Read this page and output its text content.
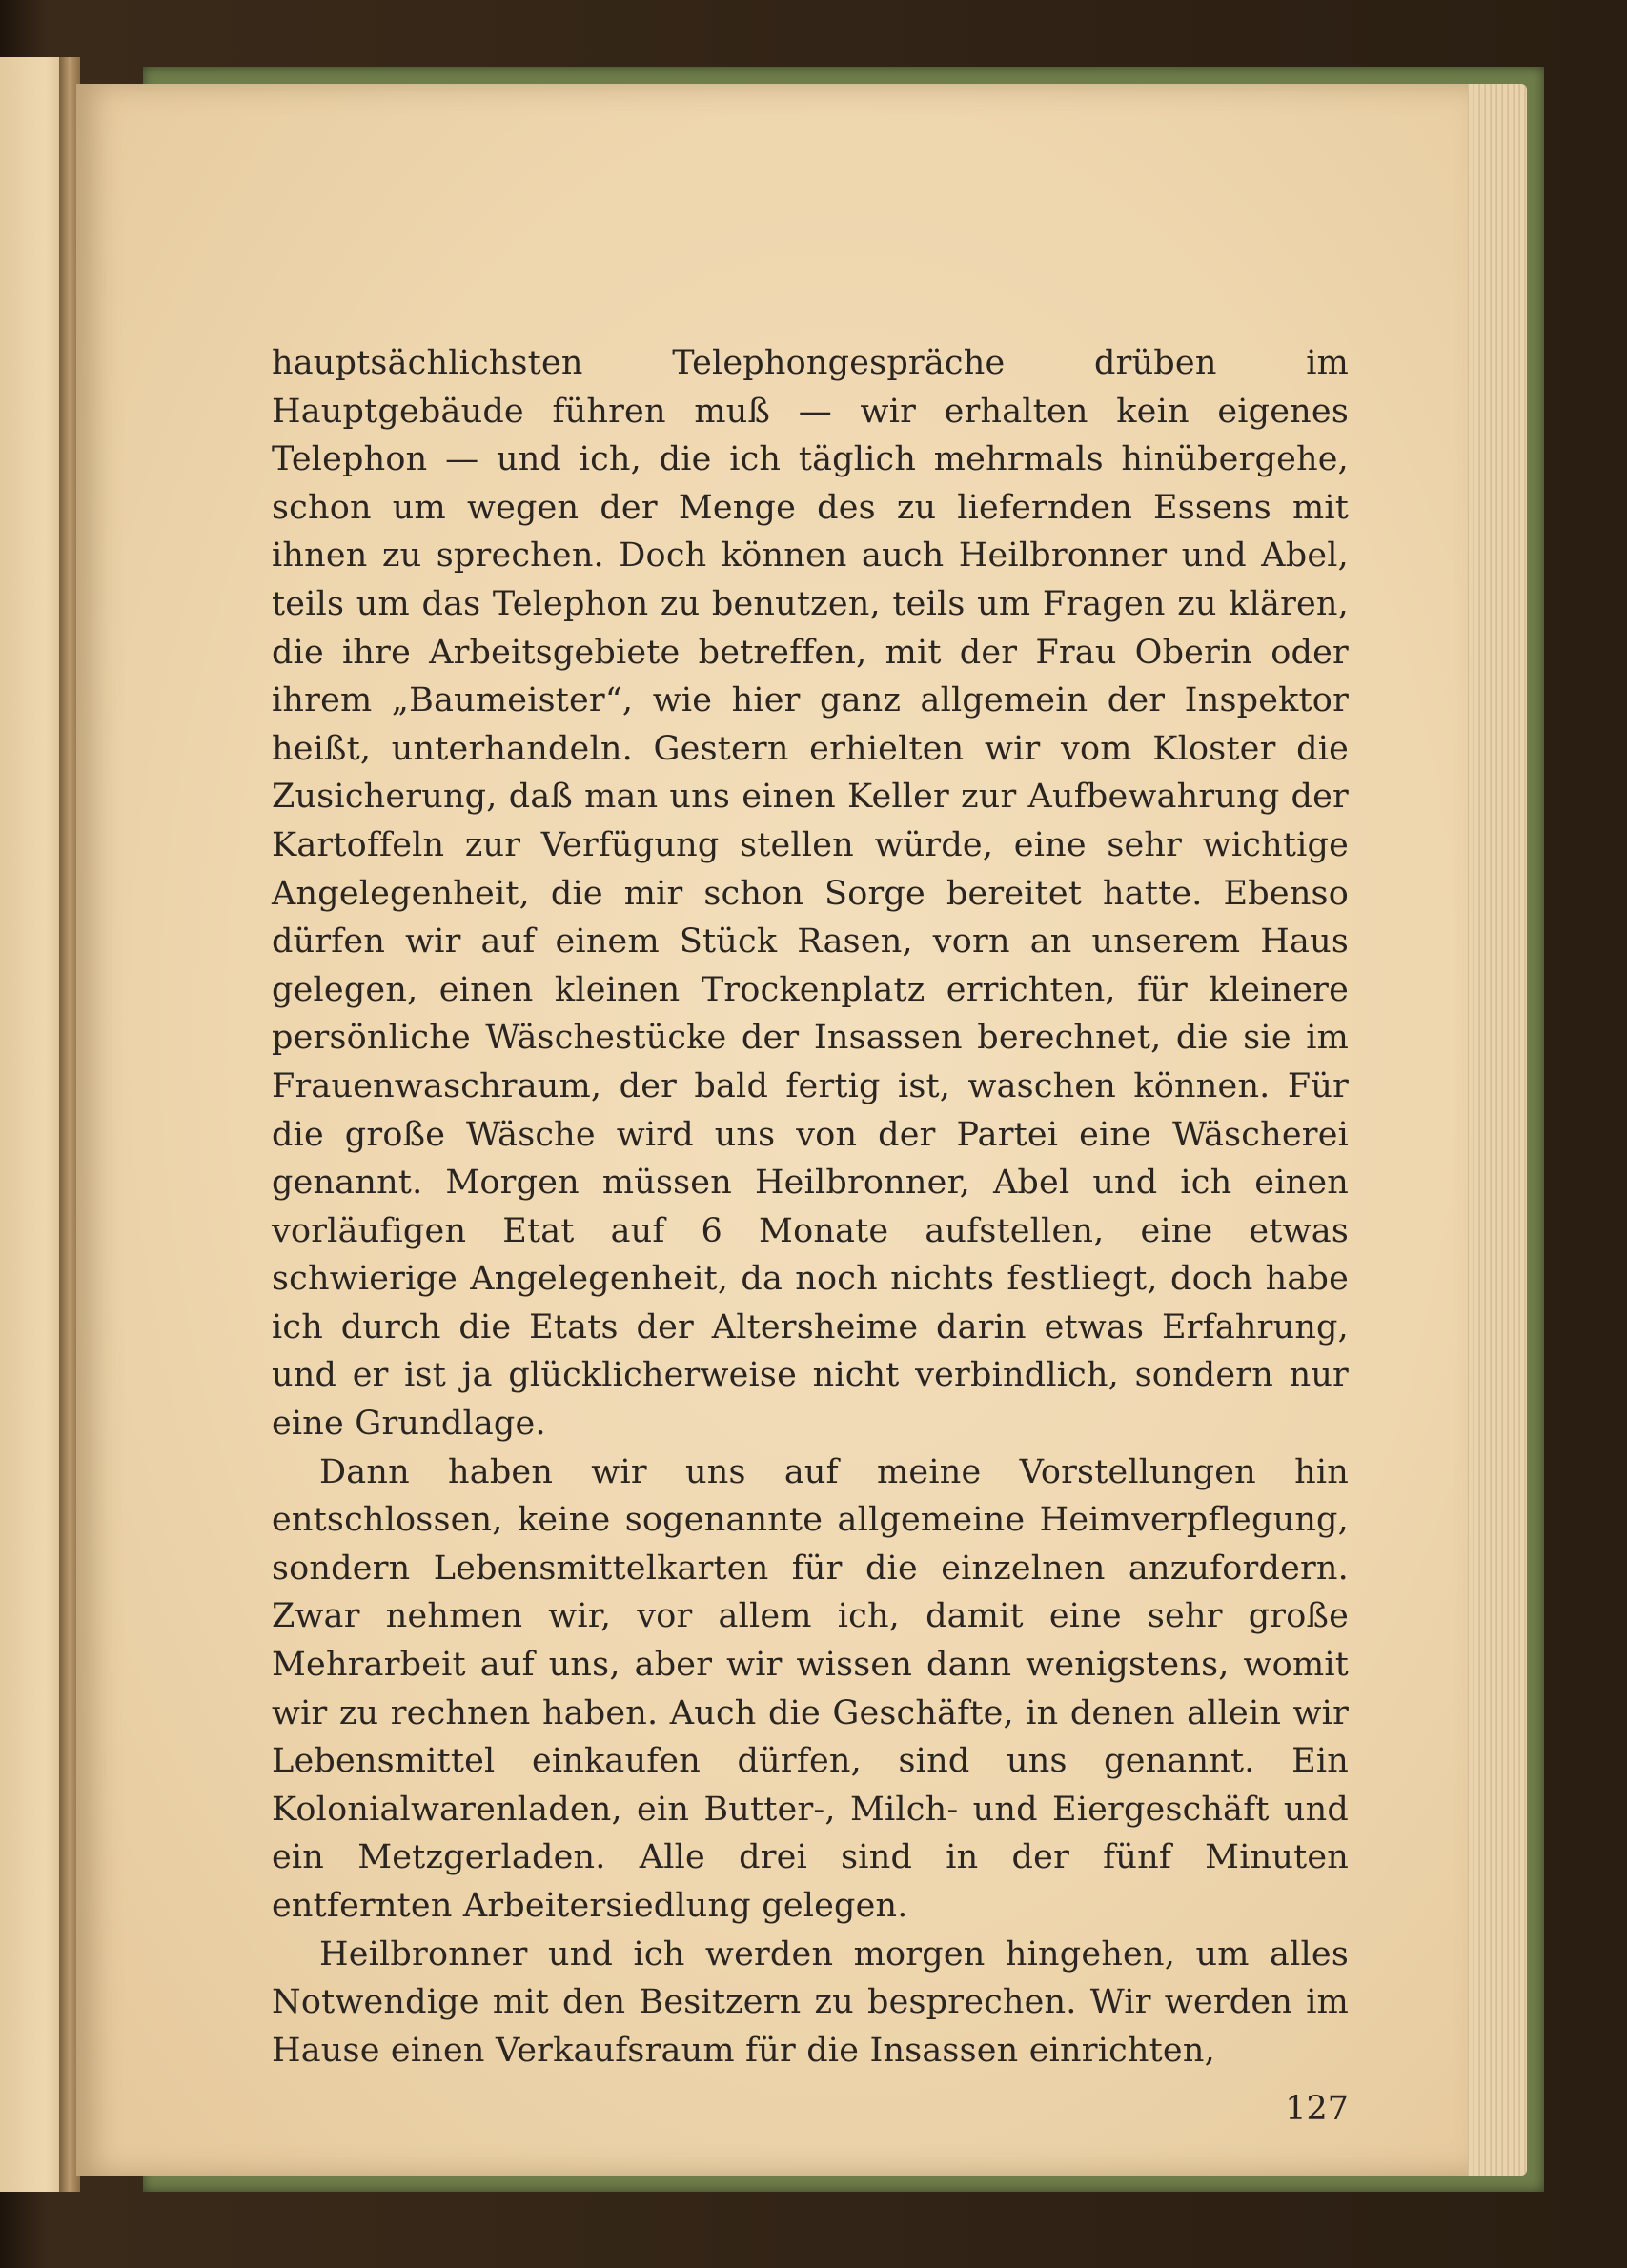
hauptsächlichsten Telephongespräche drüben im Hauptgebäude führen muß — wir erhalten kein eigenes Telephon — und ich, die ich täglich mehrmals hinübergehe, schon um wegen der Menge des zu liefernden Essens mit ihnen zu sprechen. Doch können auch Heilbronner und Abel, teils um das Telephon zu benutzen, teils um Fragen zu klären, die ihre Arbeitsgebiete betreffen, mit der Frau Oberin oder ihrem „Baumeister“, wie hier ganz allgemein der Inspektor heißt, unterhandeln. Gestern erhielten wir vom Kloster die Zusicherung, daß man uns einen Keller zur Aufbewahrung der Kartoffeln zur Verfügung stellen würde, eine sehr wichtige Angelegenheit, die mir schon Sorge bereitet hatte. Ebenso dürfen wir auf einem Stück Rasen, vorn an unserem Haus gelegen, einen kleinen Trockenplatz errichten, für kleinere persönliche Wäschestücke der Insassen berechnet, die sie im Frauenwaschraum, der bald fertig ist, waschen können. Für die große Wäsche wird uns von der Partei eine Wäscherei genannt. Morgen müssen Heilbronner, Abel und ich einen vorläufigen Etat auf 6 Monate aufstellen, eine etwas schwierige Angelegenheit, da noch nichts festliegt, doch habe ich durch die Etats der Altersheime darin etwas Erfahrung, und er ist ja glücklicherweise nicht verbindlich, sondern nur eine Grundlage.

Dann haben wir uns auf meine Vorstellungen hin entschlossen, keine sogenannte allgemeine Heimverpflegung, sondern Lebensmittelkarten für die einzelnen anzufordern. Zwar nehmen wir, vor allem ich, damit eine sehr große Mehrarbeit auf uns, aber wir wissen dann wenigstens, womit wir zu rechnen haben. Auch die Geschäfte, in denen allein wir Lebensmittel einkaufen dürfen, sind uns genannt. Ein Kolonialwarenladen, ein Butter-, Milch- und Eiergeschäft und ein Metzgerladen. Alle drei sind in der fünf Minuten entfernten Arbeitersiedlung gelegen.

Heilbronner und ich werden morgen hingehen, um alles Notwendige mit den Besitzern zu besprechen. Wir werden im Hause einen Verkaufsraum für die Insassen einrichten,

127
